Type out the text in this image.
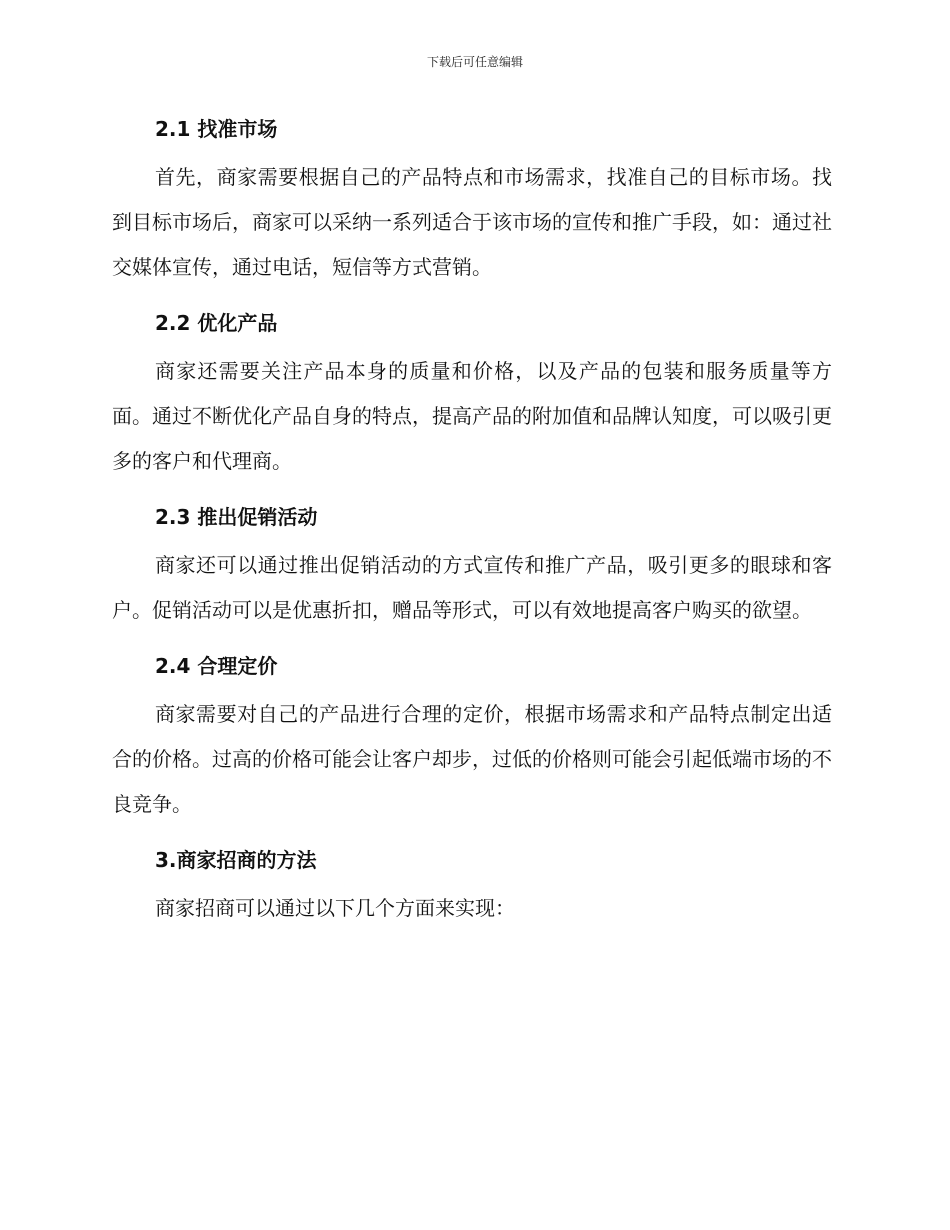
下载后可任意编辑
2.1 找准市场

首先，商家需要根据自己的产品特点和市场需求，找准自己的目标市场。找到目标市场后，商家可以采纳一系列适合于该市场的宣传和推广手段，如：通过社交媒体宣传，通过电话，短信等方式营销。

2.2 优化产品

商家还需要关注产品本身的质量和价格，以及产品的包装和服务质量等方面。通过不断优化产品自身的特点，提高产品的附加值和品牌认知度，可以吸引更多的客户和代理商。

2.3 推出促销活动

商家还可以通过推出促销活动的方式宣传和推广产品，吸引更多的眼球和客户。促销活动可以是优惠折扣，赠品等形式，可以有效地提高客户购买的欲望。

2.4 合理定价

商家需要对自己的产品进行合理的定价，根据市场需求和产品特点制定出适合的价格。过高的价格可能会让客户却步，过低的价格则可能会引起低端市场的不良竞争。

3.商家招商的方法

商家招商可以通过以下几个方面来实现：
